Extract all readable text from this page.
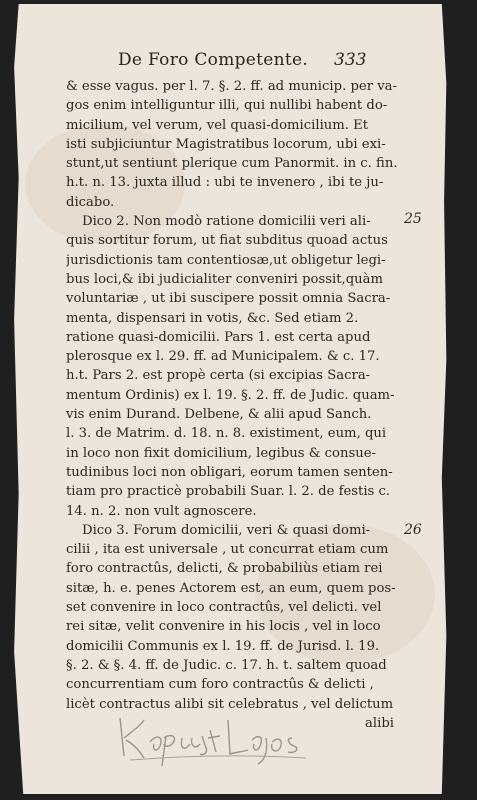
De Foro Competente. 333

& esse vagus. per l. 7. §. 2. ff. ad municip. per va-
gos enim intelliguntur illi, qui nullibi habent do-
micilium, vel verum, vel quasi-domicilium. Et
isti subjiciuntur Magistratibus locorum, ubi exi-
stunt,ut sentiunt plerique cum Panormit. in c. fin.
h.t. n. 13. juxta illud : ubi te invenero , ibi te ju-
dicabo.

Dico 2. Non modò ratione domicilii veri ali-
quis sortitur forum, ut fiat subditus quoad actus
jurisdictionis tam contentiosæ,ut obligetur legi-
bus loci,& ibi judicialiter conveniri possit,quàm
voluntariæ , ut ibi suscipere possit omnia Sacra-
menta, dispensari in votis, &c. Sed etiam 2.
ratione quasi-domicilii. Pars 1. est certa apud
plerosque ex l. 29. ff. ad Municipalem. & c. 17.
h.t. Pars 2. est propè certa (si excipias Sacra-
mentum Ordinis) ex l. 19. §. 2. ff. de Judic. quam-
vis enim Durand. Delbene, & alii apud Sanch.
l. 3. de Matrim. d. 18. n. 8. existiment, eum, qui
in loco non fixit domicilium, legibus & consue-
tudinibus loci non obligari, eorum tamen senten-
tiam pro practicè probabili Suar. l. 2. de festis c.
14. n. 2. non vult agnoscere.

Dico 3. Forum domicilii, veri & quasi domi-
cilii , ita est universale , ut concurrat etiam cum
foro contractûs, delicti, & probabiliùs etiam rei
sitæ, h. e. penes Actorem est, an eum, quem pos-
set convenire in loco contractûs, vel delicti. vel
rei sitæ, velit convenire in his locis , vel in loco
domicilii Communis ex l. 19. ff. de Jurisd. l. 19.
§. 2. & §. 4. ff. de Judic. c. 17. h. t. saltem quoad
concurrentiam cum foro contractûs & delicti ,
licèt contractus alibi sit celebratus , vel delictum
alibi

25
26
